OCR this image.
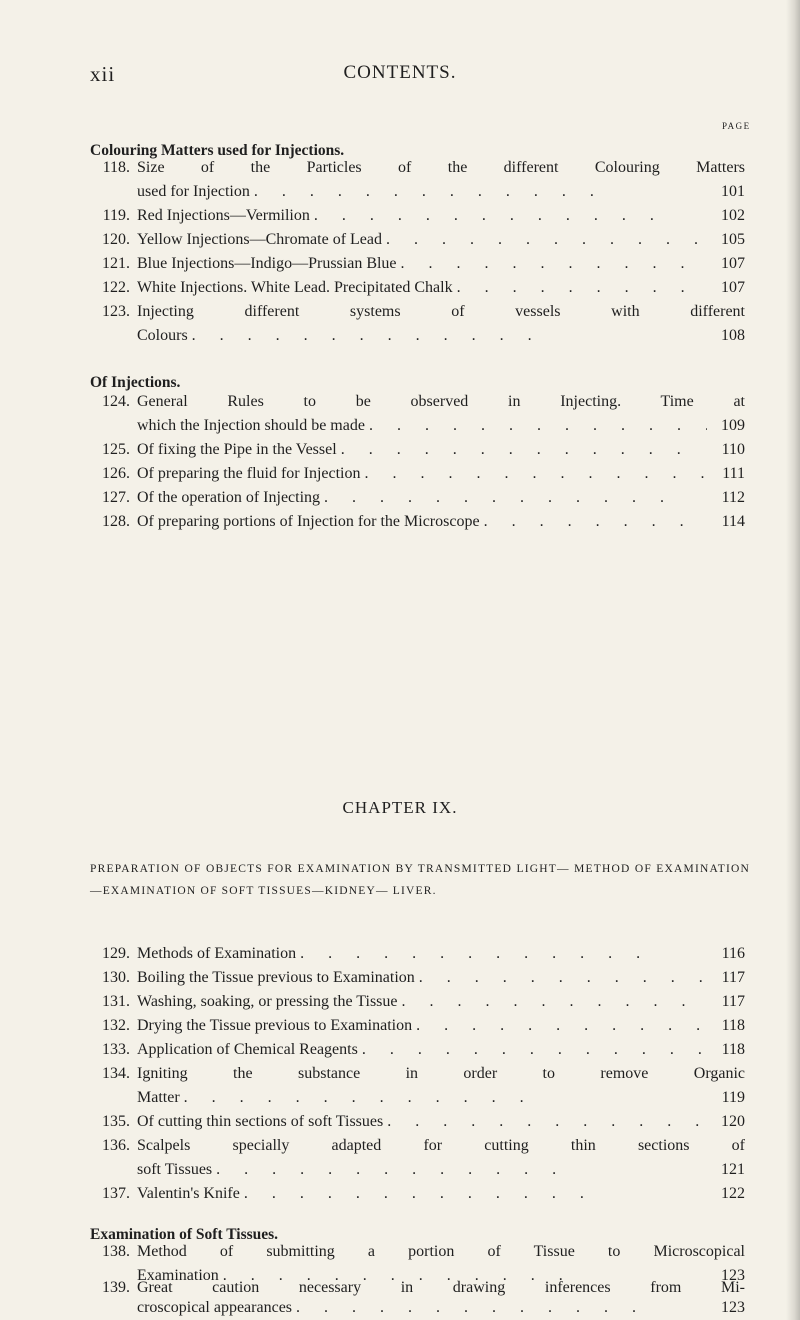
CONTENTS.
xii
PAGE
Colouring Matters used for Injections.
118. Size of the Particles of the different Colouring Matters
used for Injection .	101
119. Red Injections—Vermilion .	102
120. Yellow Injections—Chromate of Lead .	105
121. Blue Injections—Indigo—Prussian Blue .	107
122. White Injections. White Lead. Precipitated Chalk .	107
123. Injecting different systems of vessels with different
Colours .	108
Of Injections.
124. General Rules to be observed in Injecting. Time at
which the Injection should be made .	109
125. Of fixing the Pipe in the Vessel .	110
126. Of preparing the fluid for Injection .	111
127. Of the operation of Injecting .	112
128. Of preparing portions of Injection for the Microscope .	114
CHAPTER IX.
PREPARATION OF OBJECTS FOR EXAMINATION BY TRANSMITTED LIGHT— METHOD OF EXAMINATION—EXAMINATION OF SOFT TISSUES—KIDNEY— LIVER.
129. Methods of Examination .	116
130. Boiling the Tissue previous to Examination .	117
131. Washing, soaking, or pressing the Tissue .	117
132. Drying the Tissue previous to Examination .	118
133. Application of Chemical Reagents .	118
134. Igniting the substance in order to remove Organic
Matter .	119
135. Of cutting thin sections of soft Tissues .	120
136. Scalpels specially adapted for cutting thin sections of
soft Tissues .	121
137. Valentin's Knife .	122
Examination of Soft Tissues.
138. Method of submitting a portion of Tissue to Microscopical
Examination .	123
139. Great caution necessary in drawing inferences from Mi-
croscopical appearances .	123
